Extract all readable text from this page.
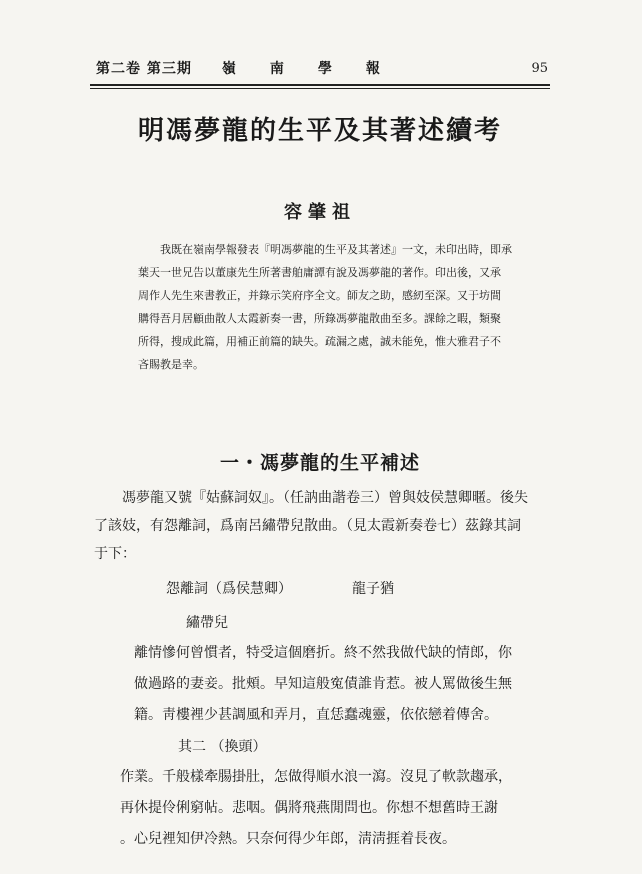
第二卷 第三期 嶺南學報	95
明馮夢龍的生平及其著述續考
容肇祖

我既在嶺南學報發表『明馮夢龍的生平及其著述』一文，未印出時，即承

葉天一世兄告以董康先生所著書舶庸譚有說及馮夢龍的著作。印出後，又承

周作人先生來書教正，并錄示笑府序全文。師友之助，感紉至深。又于坊間

購得吾月居顧曲散人太霞新奏一書，所錄馮夢龍散曲至多。課餘之暇，類聚

所得，搜成此篇，用補正前篇的缺失。疏漏之處，誠未能免，惟大雅君子不

吝賜教是幸。

一・馮夢龍的生平補述

馮夢龍又號『姑蘇詞奴』。（任訥曲諧卷三）曾與妓侯慧卿暱。後失

了該妓，有怨離詞，爲南呂繡帶兒散曲。（見太霞新奏卷七）茲錄其詞

于下：

怨離詞（爲侯慧卿）	龍子猶
繡帶兒

離情慘何曾慣者，特受這個磨折。終不然我做代缺的情郎，你

做過路的妻妾。批頰。早知這般寃債誰肯惹。被人罵做後生無

籍。靑樓裡少甚調風和弄月，直恁蠢魂靈，依依戀着傳舍。

其二 （換頭）

作業。千般樣牽腸掛肚，怎做得順水浪一瀉。沒見了軟款趨承，

再休提伶俐窮帖。悲咽。偶將飛燕閒問也。你想不想舊時王謝

。心兒裡知伊冷熱。只奈何得少年郎，淸淸捱着長夜。
